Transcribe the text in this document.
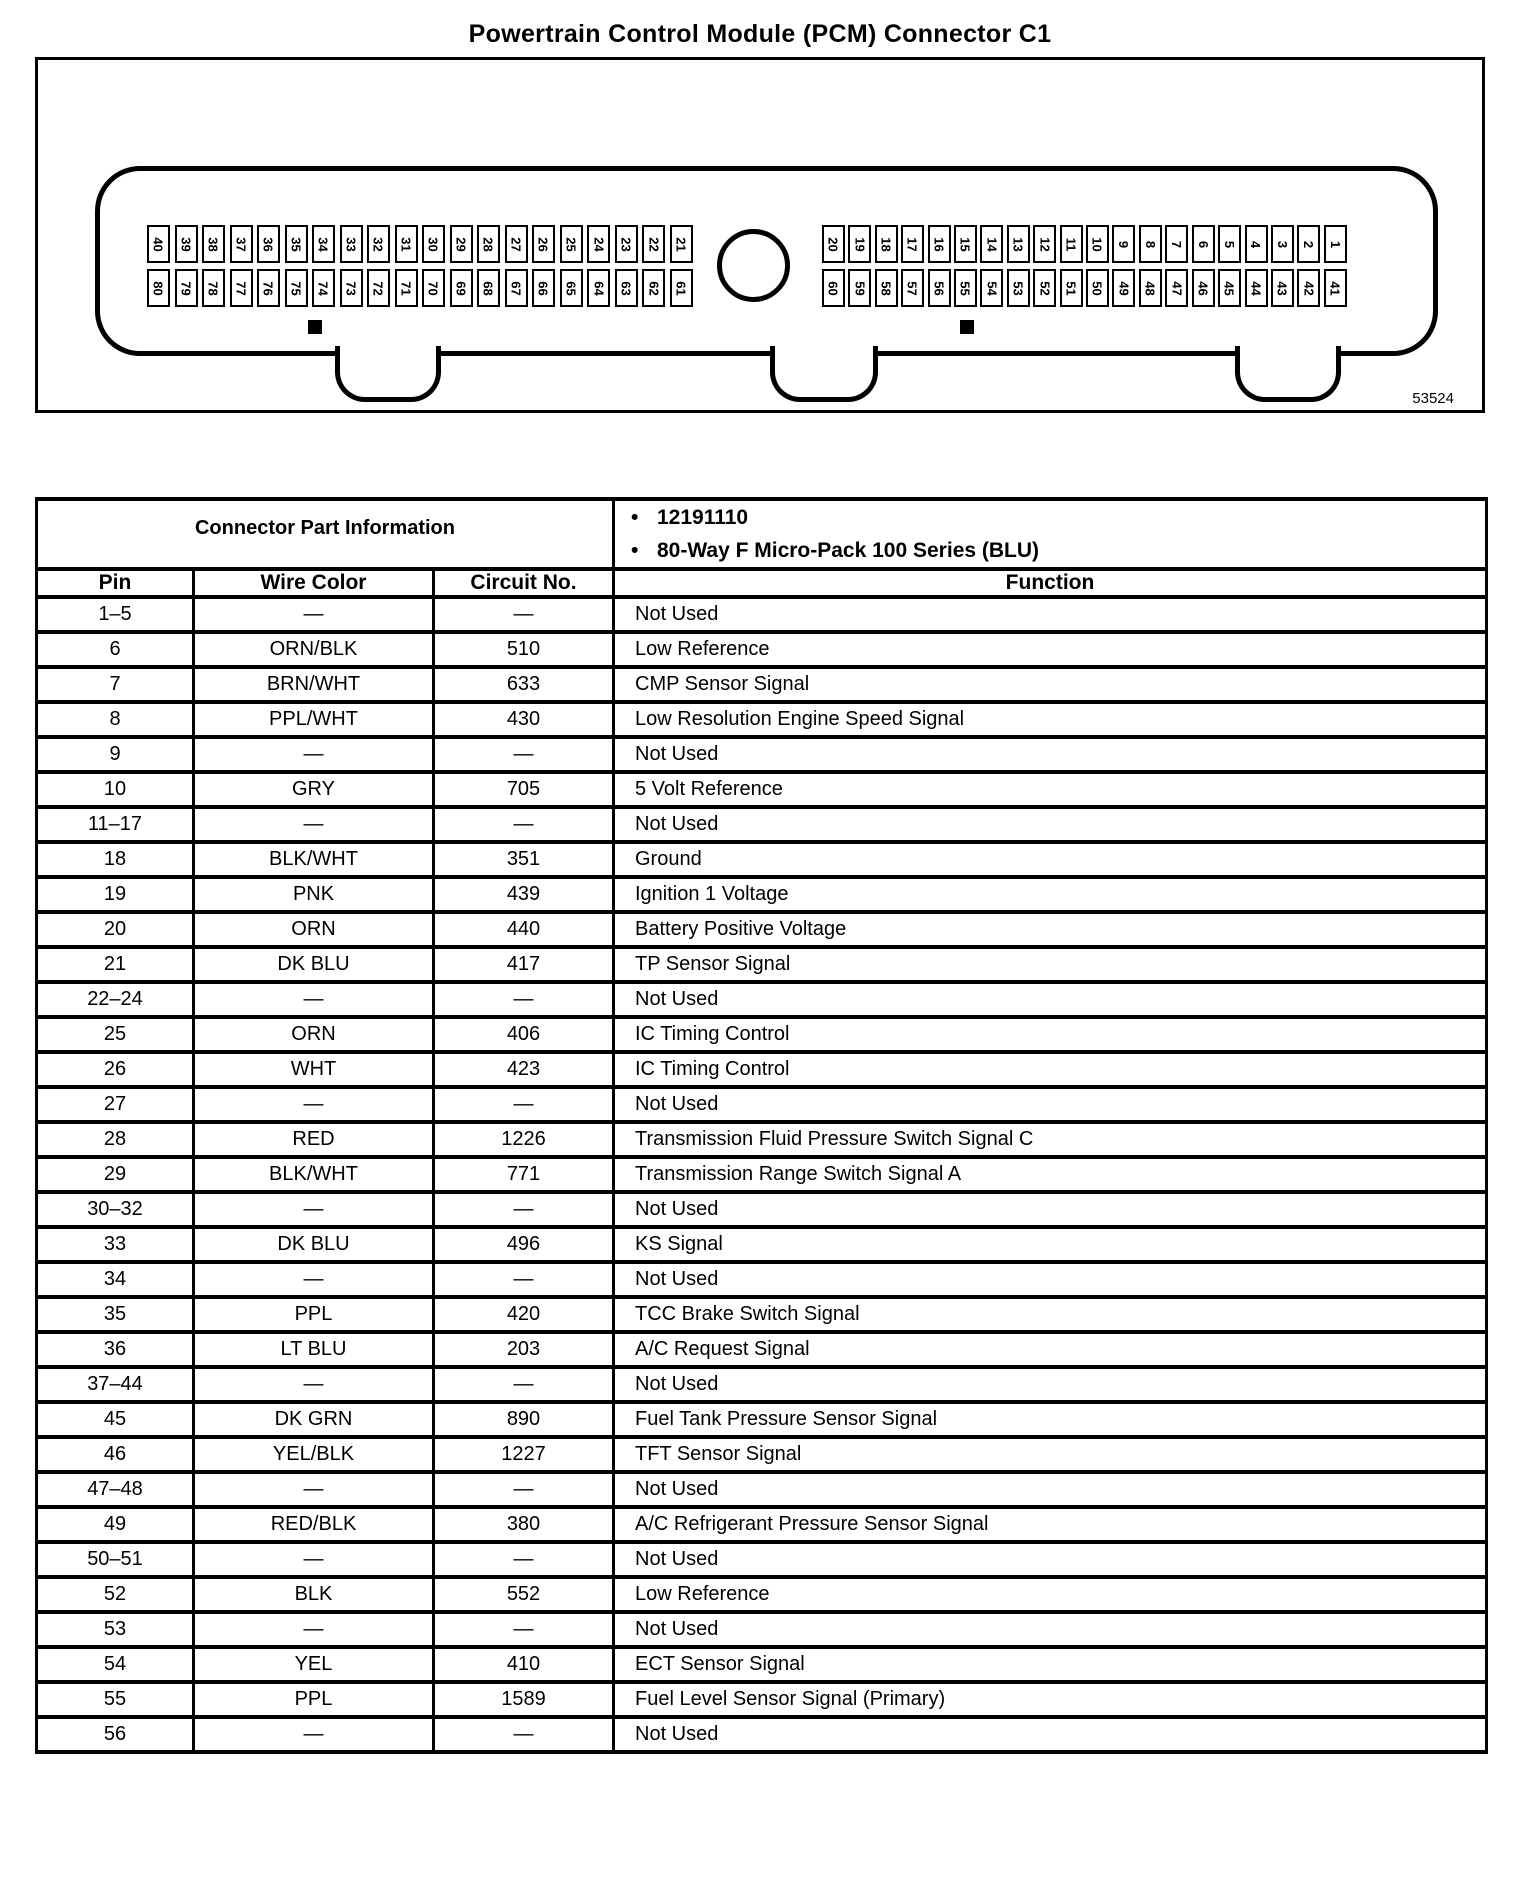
Powertrain Control Module (PCM) Connector C1
40 39 38 37 36 35 34 33 32 31 30 29 28 27 26 25 24 23 22 21	20 19 18 17 16 15 14 13 12 11 10 9 8 7 6 5 4 3 2 1
80 79 78 77 76 75 74 73 72 71 70 69 68 67 66 65 64 63 62 61	60 59 58 57 56 55 54 53 52 51 50 49 48 47 46 45 44 43 42 41
53524
Connector Part Information			• 12191110
• 80-Way F Micro-Pack 100 Series (BLU)

Pin	Wire Color	Circuit No.	Function
1–5	—	—	Not Used
6	ORN/BLK	510	Low Reference
7	BRN/WHT	633	CMP Sensor Signal
8	PPL/WHT	430	Low Resolution Engine Speed Signal
9	—	—	Not Used
10	GRY	705	5 Volt Reference
11–17	—	—	Not Used
18	BLK/WHT	351	Ground
19	PNK	439	Ignition 1 Voltage
20	ORN	440	Battery Positive Voltage
21	DK BLU	417	TP Sensor Signal
22–24	—	—	Not Used
25	ORN	406	IC Timing Control
26	WHT	423	IC Timing Control
27	—	—	Not Used
28	RED	1226	Transmission Fluid Pressure Switch Signal C
29	BLK/WHT	771	Transmission Range Switch Signal A
30–32	—	—	Not Used
33	DK BLU	496	KS Signal
34	—	—	Not Used
35	PPL	420	TCC Brake Switch Signal
36	LT BLU	203	A/C Request Signal
37–44	—	—	Not Used
45	DK GRN	890	Fuel Tank Pressure Sensor Signal
46	YEL/BLK	1227	TFT Sensor Signal
47–48	—	—	Not Used
49	RED/BLK	380	A/C Refrigerant Pressure Sensor Signal
50–51	—	—	Not Used
52	BLK	552	Low Reference
53	—	—	Not Used
54	YEL	410	ECT Sensor Signal
55	PPL	1589	Fuel Level Sensor Signal (Primary)
56	—	—	Not Used
